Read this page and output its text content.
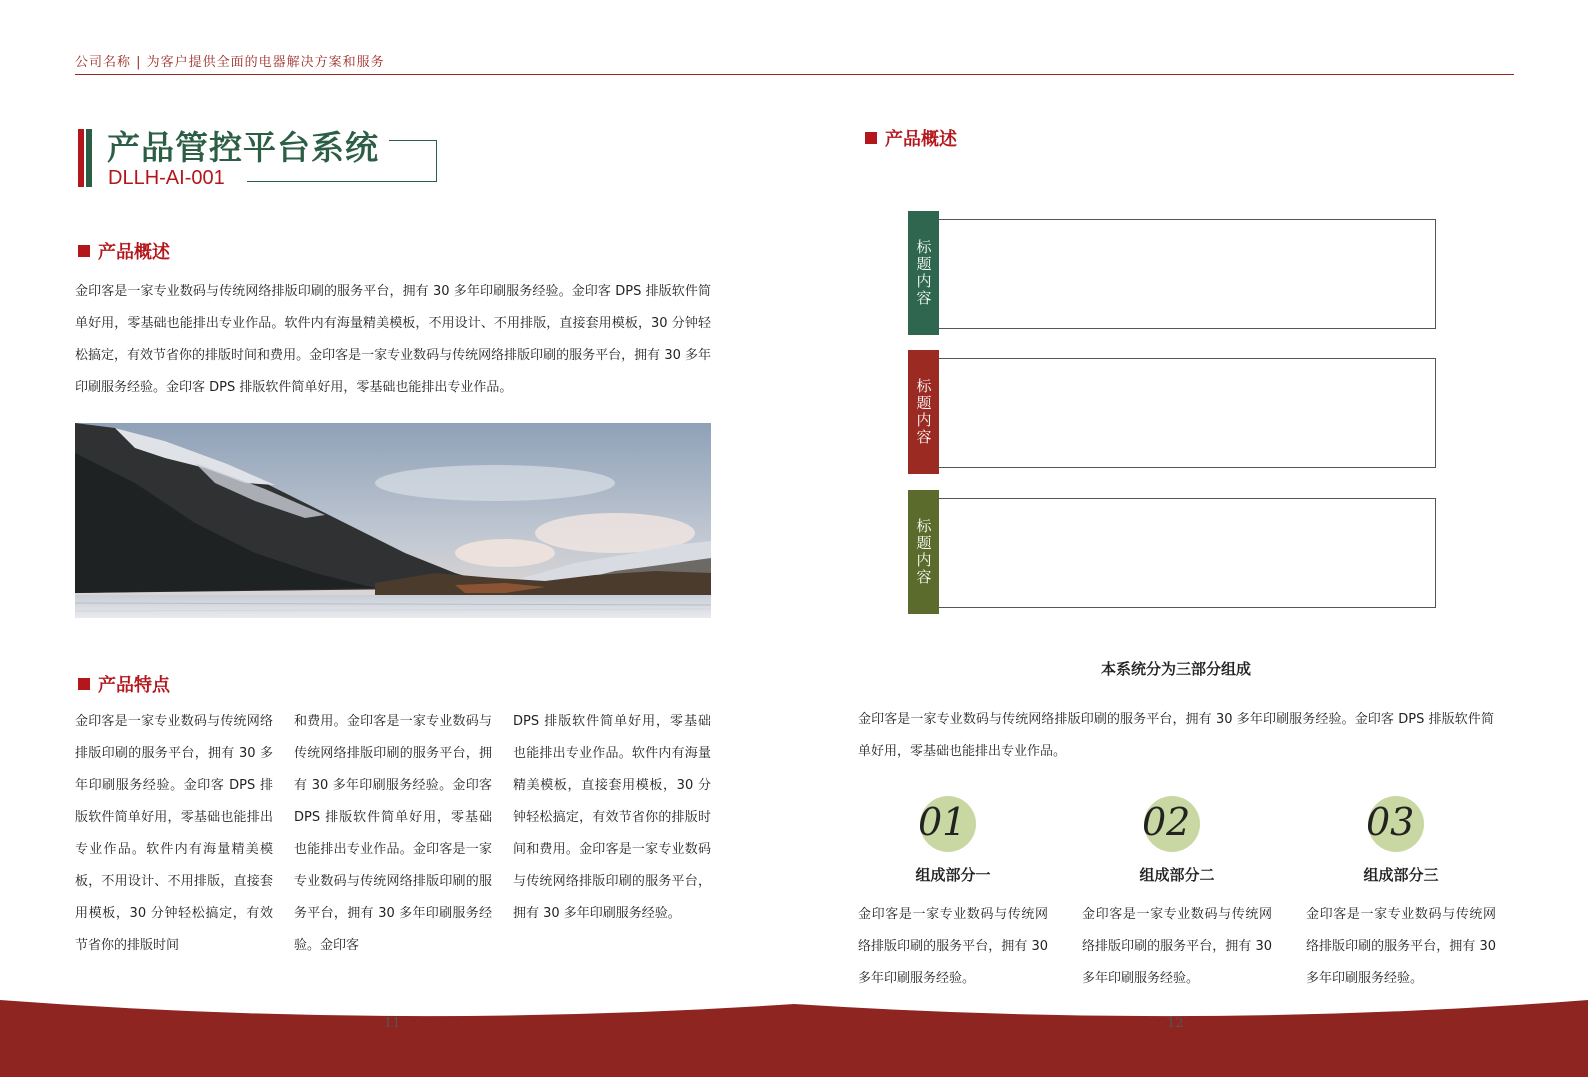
公司名称 | 为客户提供全面的电器解决方案和服务
产品管控平台系统
DLLH-AI-001
产品概述
金印客是一家专业数码与传统网络排版印刷的服务平台，拥有 30 多年印刷服务经验。金印客 DPS 排版软件简单好用，零基础也能排出专业作品。软件内有海量精美模板，不用设计、不用排版，直接套用模板，30 分钟轻松搞定，有效节省你的排版时间和费用。金印客是一家专业数码与传统网络排版印刷的服务平台，拥有 30 多年印刷服务经验。金印客 DPS 排版软件简单好用，零基础也能排出专业作品。
产品特点
金印客是一家专业数码与传统网络排版印刷的服务平台，拥有 30 多年印刷服务经验。金印客 DPS 排版软件简单好用，零基础也能排出专业作品。软件内有海量精美模板，不用设计、不用排版，直接套用模板，30 分钟轻松搞定，有效节省你的排版时间
和费用。金印客是一家专业数码与传统网络排版印刷的服务平台，拥有 30 多年印刷服务经验。金印客 DPS 排版软件简单好用，零基础也能排出专业作品。金印客是一家专业数码与传统网络排版印刷的服务平台，拥有 30 多年印刷服务经验。金印客
DPS 排版软件简单好用，零基础也能排出专业作品。软件内有海量精美模板，直接套用模板，30 分钟轻松搞定，有效节省你的排版时间和费用。金印客是一家专业数码与传统网络排版印刷的服务平台，拥有 30 多年印刷服务经验。
产品概述
标题内容
标题内容
标题内容
本系统分为三部分组成
金印客是一家专业数码与传统网络排版印刷的服务平台，拥有 30 多年印刷服务经验。金印客 DPS 排版软件简单好用，零基础也能排出专业作品。
01
组成部分一
金印客是一家专业数码与传统网络排版印刷的服务平台，拥有 30 多年印刷服务经验。
02
组成部分二
金印客是一家专业数码与传统网络排版印刷的服务平台，拥有 30 多年印刷服务经验。
03
组成部分三
金印客是一家专业数码与传统网络排版印刷的服务平台，拥有 30 多年印刷服务经验。
11	12
